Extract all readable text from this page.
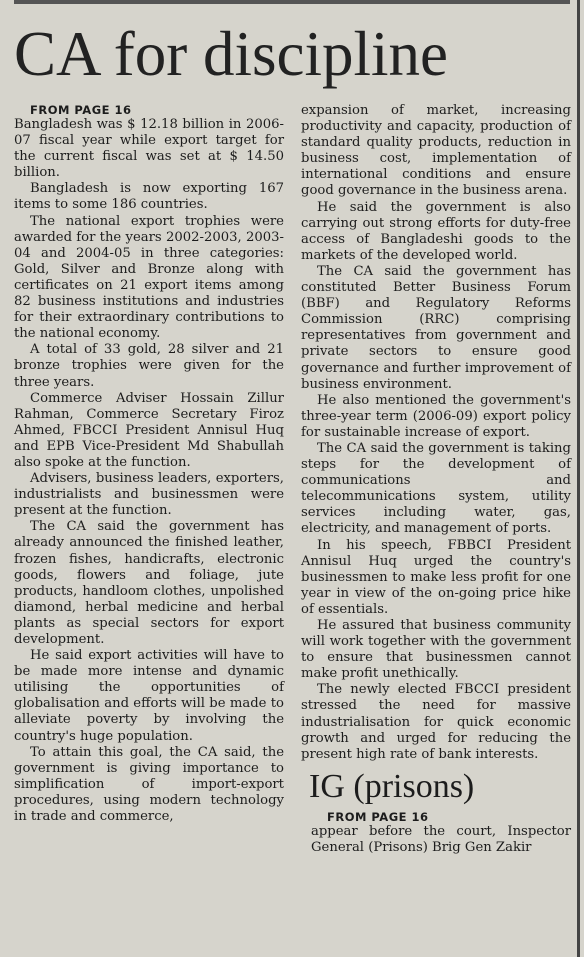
CA for discipline

FROM PAGE 16

Bangladesh was $ 12.18 billion in 2006-07 fiscal year while export target for the current fiscal was set at $ 14.50 billion.

Bangladesh is now exporting 167 items to some 186 countries.

The national export trophies were awarded for the years 2002-2003, 2003-04 and 2004-05 in three categories: Gold, Silver and Bronze along with certificates on 21 export items among 82 business institutions and industries for their extraordinary contributions to the national economy.

A total of 33 gold, 28 silver and 21 bronze trophies were given for the three years.

Commerce Adviser Hossain Zillur Rahman, Commerce Secretary Firoz Ahmed, FBCCI President Annisul Huq and EPB Vice-President Md Shabullah also spoke at the function.

Advisers, business leaders, exporters, industrialists and businessmen were present at the function.

The CA said the government has already announced the finished leather, frozen fishes, handicrafts, electronic goods, flowers and foliage, jute products, handloom clothes, unpolished diamond, herbal medicine and herbal plants as special sectors for export development.

He said export activities will have to be made more intense and dynamic utilising the opportunities of globalisation and efforts will be made to alleviate poverty by involving the country's huge population.

To attain this goal, the CA said, the government is giving importance to simplification of import-export procedures, using modern technology in trade and commerce,

expansion of market, increasing productivity and capacity, production of standard quality products, reduction in business cost, implementation of international conditions and ensure good governance in the business arena.

He said the government is also carrying out strong efforts for duty-free access of Bangladeshi goods to the markets of the developed world.

The CA said the government has constituted Better Business Forum (BBF) and Regulatory Reforms Commission (RRC) comprising representatives from government and private sectors to ensure good governance and further improvement of business environment.

He also mentioned the government's three-year term (2006-09) export policy for sustainable increase of export.

The CA said the government is taking steps for the development of communications and telecommunications system, utility services including water, gas, electricity, and management of ports.

In his speech, FBBCI President Annisul Huq urged the country's businessmen to make less profit for one year in view of the on-going price hike of essentials.

He assured that business community will work together with the government to ensure that businessmen cannot make profit unethically.

The newly elected FBCCI president stressed the need for massive industrialisation for quick economic growth and urged for reducing the present high rate of bank interests.

IG (prisons)

FROM PAGE 16

appear before the court, Inspector General (Prisons) Brig Gen Zakir
